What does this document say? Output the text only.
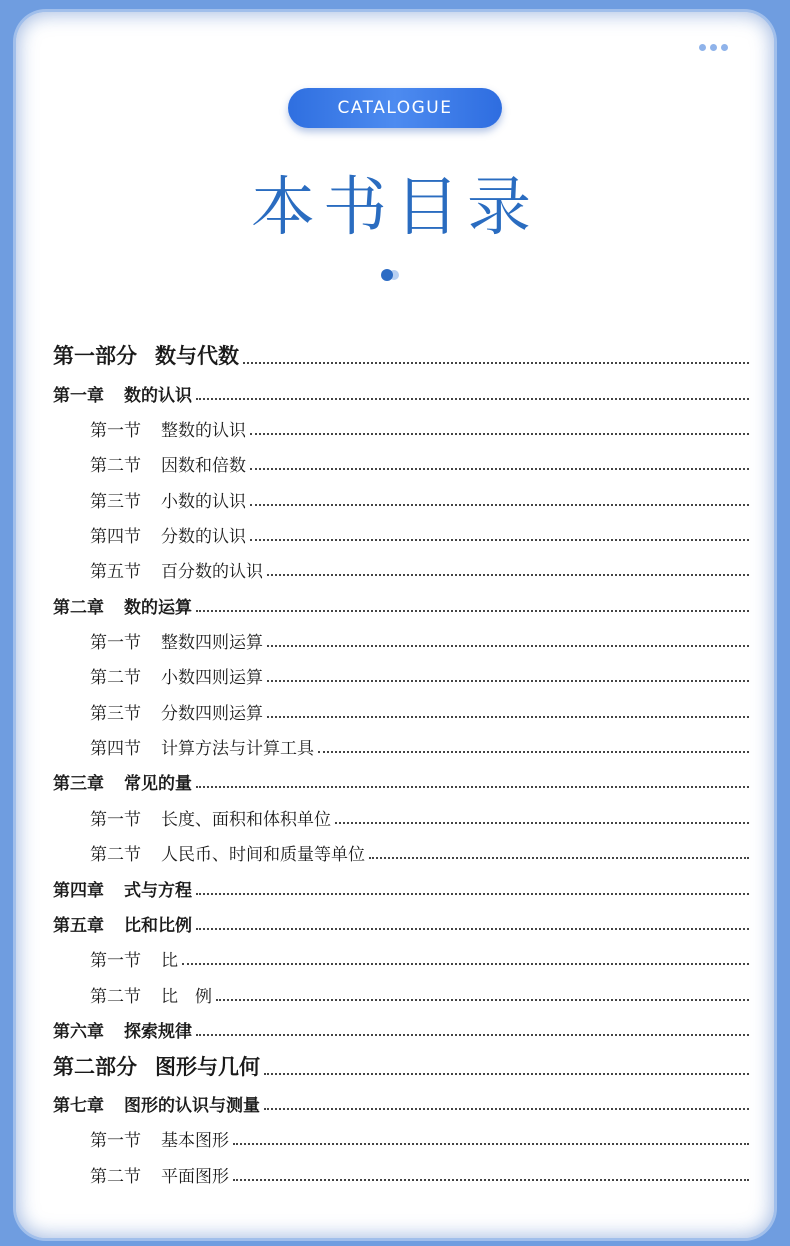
CATALOGUE
本书目录
第一部分 数与代数
第一章 数的认识
第一节 整数的认识
第二节 因数和倍数
第三节 小数的认识
第四节 分数的认识
第五节 百分数的认识
第二章 数的运算
第一节 整数四则运算
第二节 小数四则运算
第三节 分数四则运算
第四节 计算方法与计算工具
第三章 常见的量
第一节 长度、面积和体积单位
第二节 人民币、时间和质量等单位
第四章 式与方程
第五章 比和比例
第一节 比
第二节 比　例
第六章 探索规律
第二部分 图形与几何
第七章 图形的认识与测量
第一节 基本图形
第二节 平面图形
